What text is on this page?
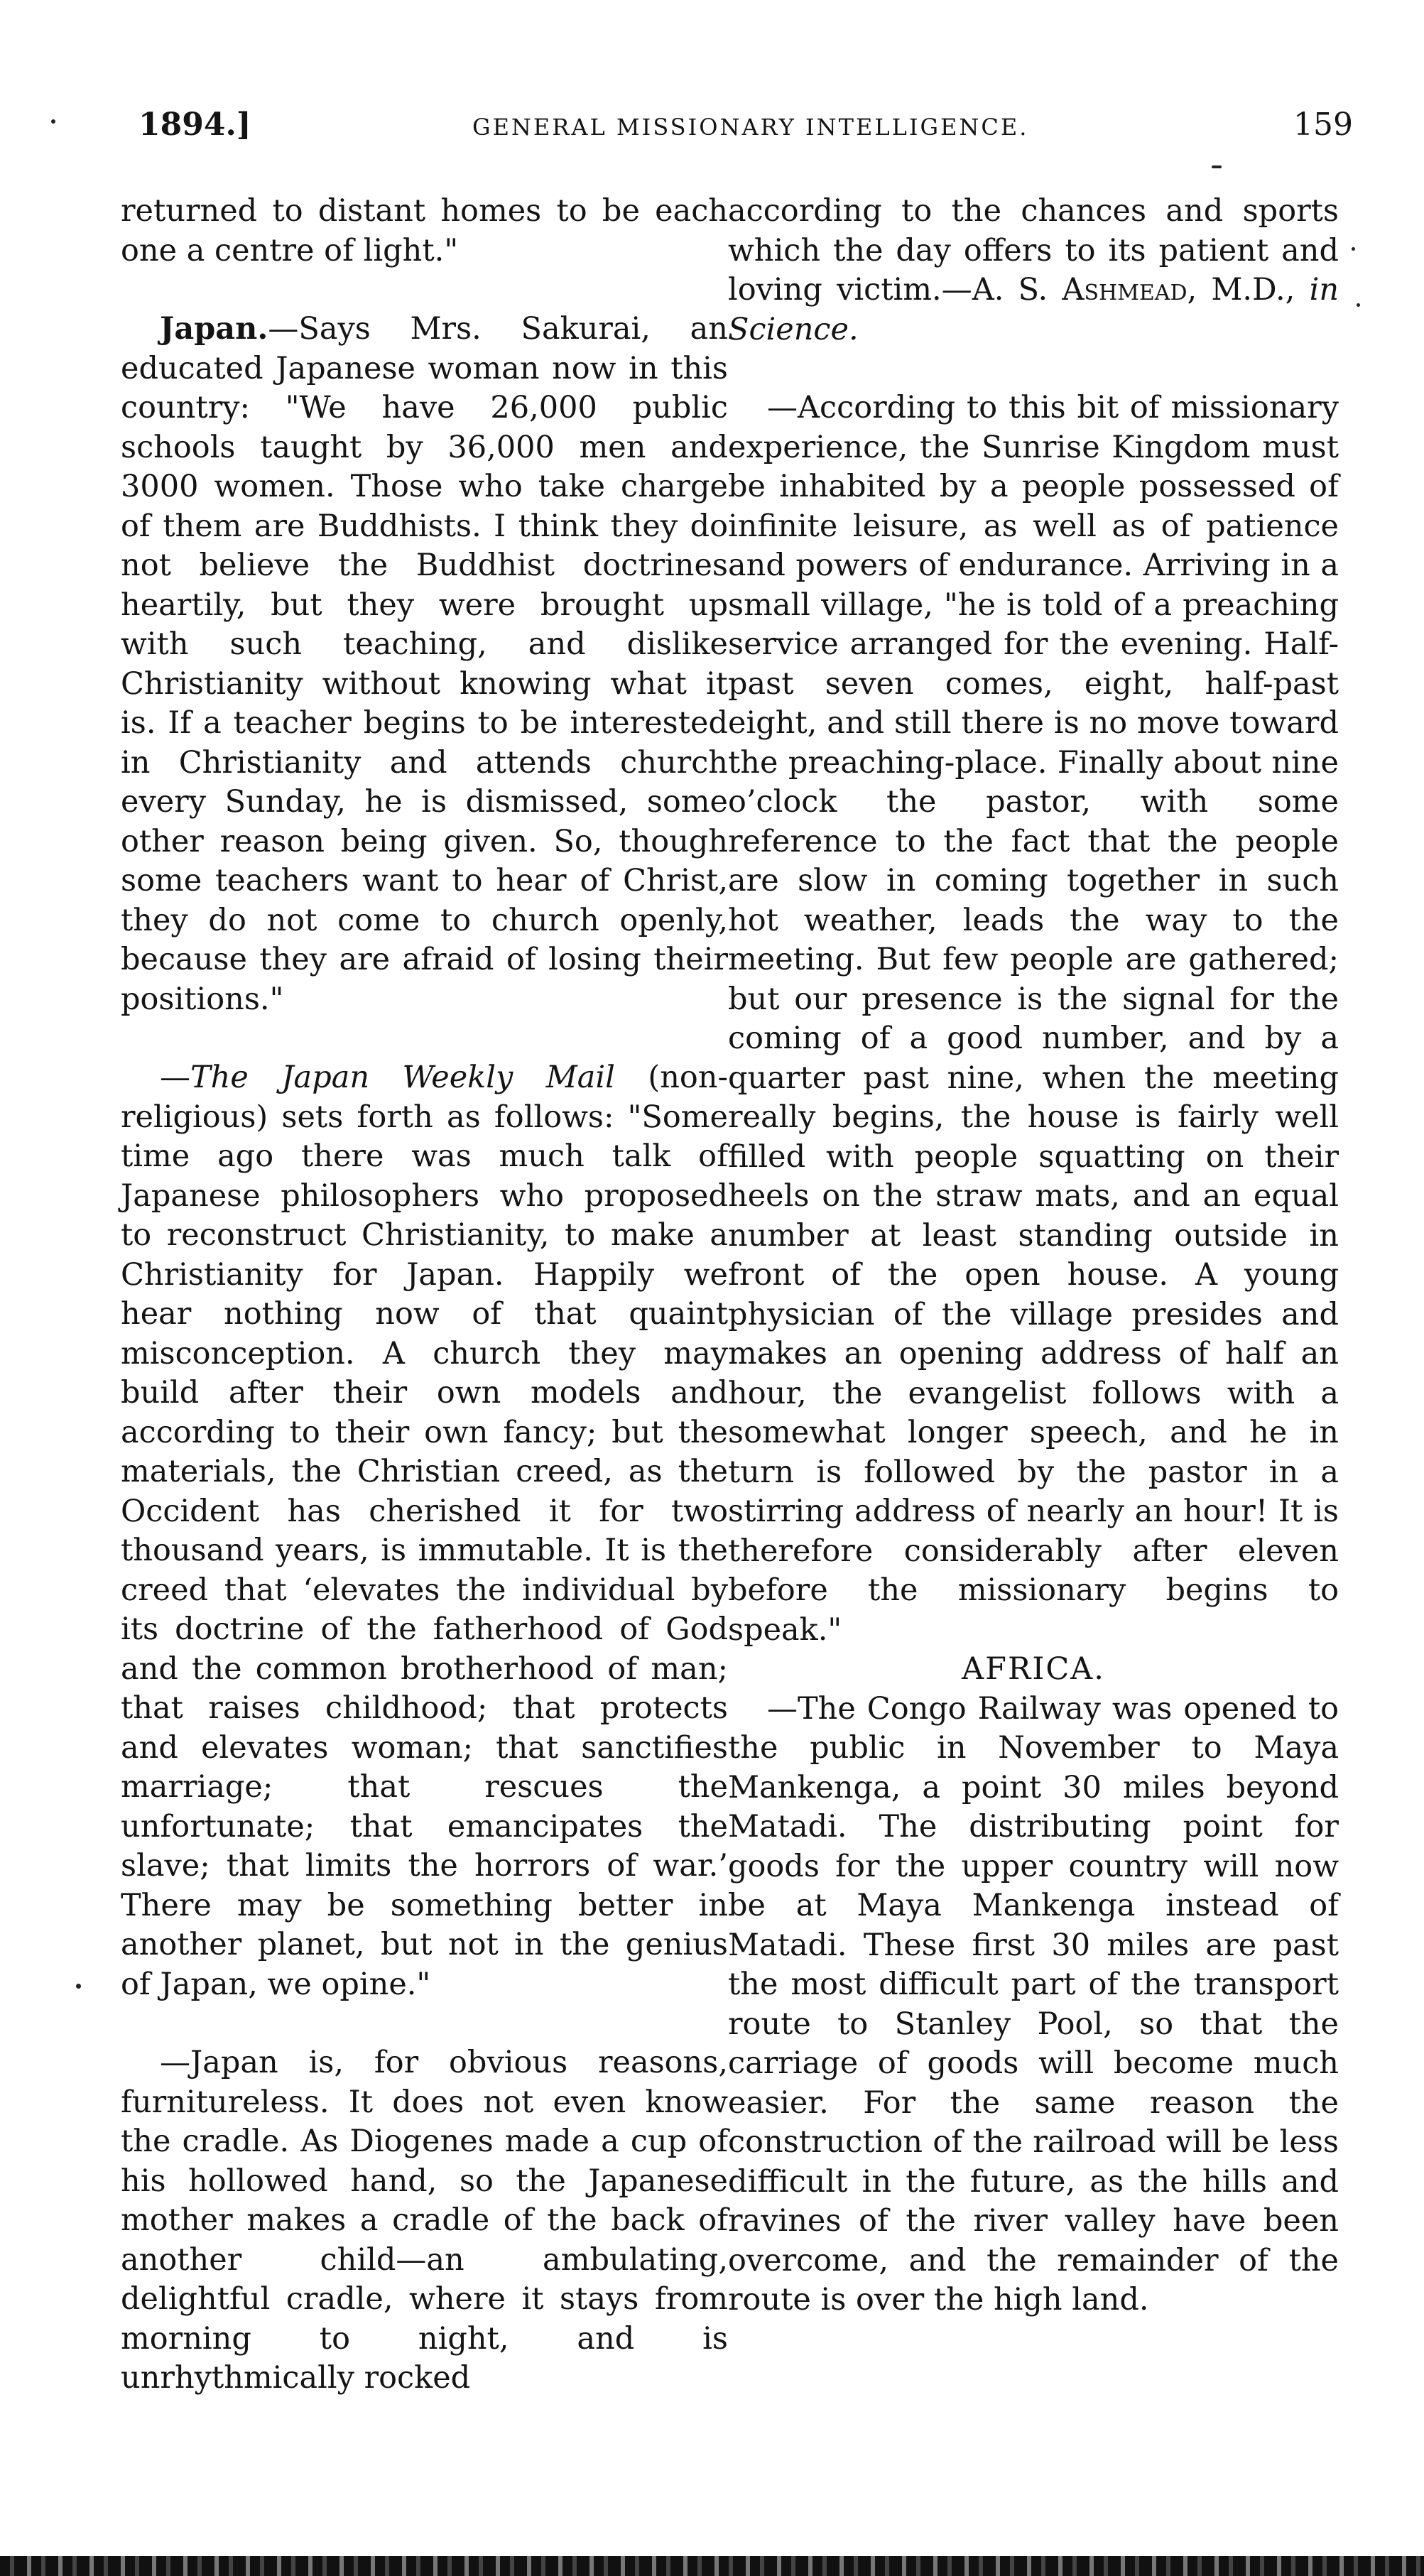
1894.]	GENERAL MISSIONARY INTELLIGENCE.	159

returned to distant homes to be each one a centre of light."

Japan.—Says Mrs. Sakurai, an educated Japanese woman now in this country: "We have 26,000 public schools taught by 36,000 men and 3000 women. Those who take charge of them are Buddhists. I think they do not believe the Buddhist doctrines heartily, but they were brought up with such teaching, and dislike Christianity without knowing what it is. If a teacher begins to be interested in Christianity and attends church every Sunday, he is dismissed, some other reason being given. So, though some teachers want to hear of Christ, they do not come to church openly, because they are afraid of losing their positions."

—The Japan Weekly Mail (non-religious) sets forth as follows: "Some time ago there was much talk of Japanese philosophers who proposed to reconstruct Christianity, to make a Christianity for Japan. Happily we hear nothing now of that quaint misconception. A church they may build after their own models and according to their own fancy; but the materials, the Christian creed, as the Occident has cherished it for two thousand years, is immutable. It is the creed that ‘elevates the individual by its doctrine of the fatherhood of God and the common brotherhood of man; that raises childhood; that protects and elevates woman; that sanctifies marriage; that rescues the unfortunate; that emancipates the slave; that limits the horrors of war.’ There may be something better in another planet, but not in the genius of Japan, we opine."

—Japan is, for obvious reasons, furnitureless. It does not even know the cradle. As Diogenes made a cup of his hollowed hand, so the Japanese mother makes a cradle of the back of another child—an ambulating, delightful cradle, where it stays from morning to night, and is unrhythmically rocked

according to the chances and sports which the day offers to its patient and loving victim.—A. S. Ashmead, M.D., in Science.

—According to this bit of missionary experience, the Sunrise Kingdom must be inhabited by a people possessed of infinite leisure, as well as of patience and powers of endurance. Arriving in a small village, "he is told of a preaching service arranged for the evening. Half-past seven comes, eight, half-past eight, and still there is no move toward the preaching-place. Finally about nine o’clock the pastor, with some reference to the fact that the people are slow in coming together in such hot weather, leads the way to the meeting. But few people are gathered; but our presence is the signal for the coming of a good number, and by a quarter past nine, when the meeting really begins, the house is fairly well filled with people squatting on their heels on the straw mats, and an equal number at least standing outside in front of the open house. A young physician of the village presides and makes an opening address of half an hour, the evangelist follows with a somewhat longer speech, and he in turn is followed by the pastor in a stirring address of nearly an hour! It is therefore considerably after eleven before the missionary begins to speak."

AFRICA.

—The Congo Railway was opened to the public in November to Maya Mankenga, a point 30 miles beyond Matadi. The distributing point for goods for the upper country will now be at Maya Mankenga instead of Matadi. These first 30 miles are past the most difficult part of the transport route to Stanley Pool, so that the carriage of goods will become much easier. For the same reason the construction of the railroad will be less difficult in the future, as the hills and ravines of the river valley have been overcome, and the remainder of the route is over the high land.
